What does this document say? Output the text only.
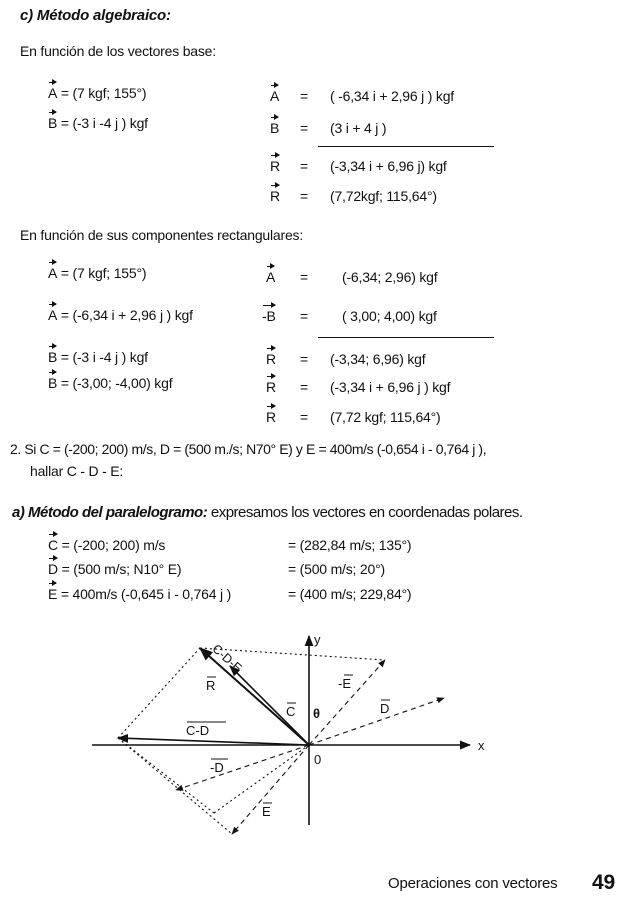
c) Método algebraico:
En función de los vectores base:
A = (7 kgf; 155°)
B = (-3 i -4 j ) kgf
A = ( -6,34 i + 2,96 j ) kgf
B = (3 i + 4 j )
R = (-3,34 i + 6,96 j) kgf
R = (7,72kgf; 115,64°)
En función de sus componentes rectangulares:
A = (7 kgf; 155°)
A = (-6,34 i + 2,96 j ) kgf
B = (-3 i -4 j ) kgf
B = (-3,00; -4,00) kgf
A = (-6,34; 2,96) kgf
-B = ( 3,00; 4,00) kgf
R = (-3,34; 6,96) kgf
R = (-3,34 i + 6,96 j ) kgf
R = (7,72 kgf; 115,64°)
2. Si C = (-200; 200) m/s, D = (500 m./s; N70° E) y E = 400m/s (-0,654 i - 0,764 j ),
hallar C - D - E:
a) Método del paralelogramo: expresamos los vectores en coordenadas polares.
C = (-200; 200) m/s	= (282,84 m/s; 135°)
D = (500 m/s; N10° E)	= (500 m/s; 20°)
E = 400m/s (-0,645 i - 0,764 j )	= (400 m/s; 229,84°)
y
x
0
θ
C-D-E
R
C
-E
D
C-D
-D
E
Operaciones con vectores 49
